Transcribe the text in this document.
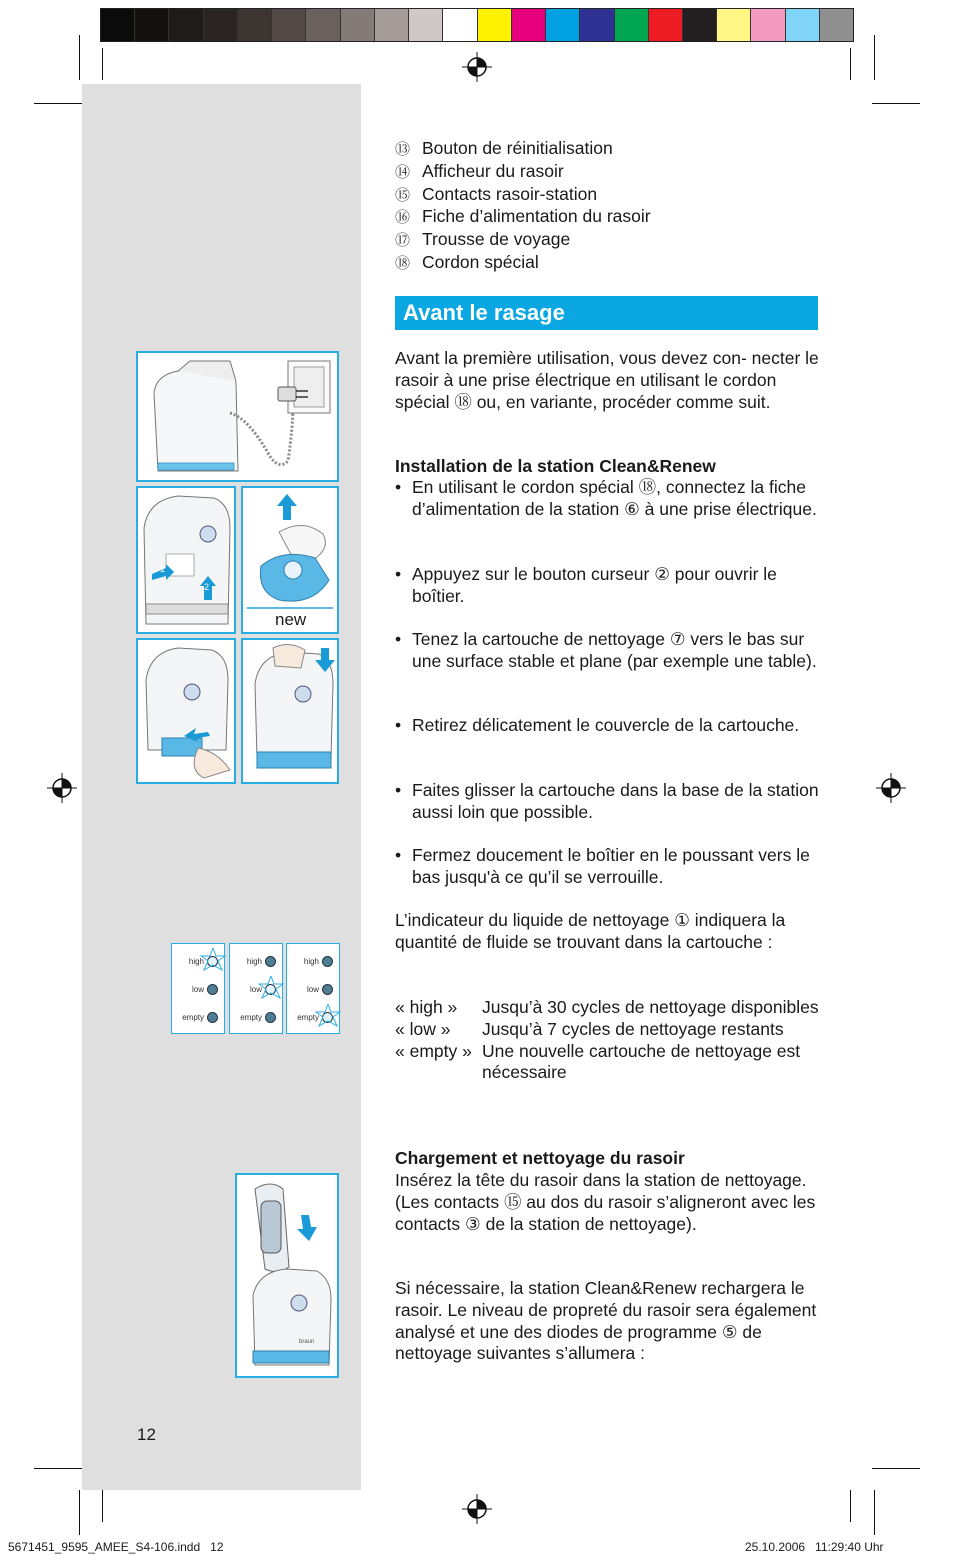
1
2
new
high
low
empty
high
low
empty
high
low
empty
braun
⑬ Bouton de réinitialisation
⑭ Afficheur du rasoir
⑮ Contacts rasoir-station
⑯ Fiche d’alimentation du rasoir
⑰ Trousse de voyage
⑱ Cordon spécial
Avant le rasage

Avant la première utilisation, vous devez con- necter le rasoir à une prise électrique en utilisant le cordon spécial ⑱ ou, en variante, procéder comme suit.

Installation de la station Clean&Renew

• En utilisant le cordon spécial ⑱, connectez la fiche d’alimentation de la station ⑥ à une prise électrique.
• Appuyez sur le bouton curseur ② pour ouvrir le boîtier.
• Tenez la cartouche de nettoyage ⑦ vers le bas sur une surface stable et plane (par exemple une table).
• Retirez délicatement le couvercle de la cartouche.
• Faites glisser la cartouche dans la base de la station aussi loin que possible.
• Fermez doucement le boîtier en le poussant vers le bas jusqu'à ce qu’il se verrouille.

L’indicateur du liquide de nettoyage ① indiquera la quantité de fluide se trouvant dans la cartouche :

« high »	Jusqu’à 30 cycles de nettoyage disponibles
« low »	Jusqu’à 7 cycles de nettoyage restants
« empty » Une nouvelle cartouche de nettoyage est nécessaire

Chargement et nettoyage du rasoir

Insérez la tête du rasoir dans la station de nettoyage. (Les contacts ⑮ au dos du rasoir s’aligneront avec les contacts ③ de la station de nettoyage).

Si nécessaire, la station Clean&Renew rechargera le rasoir. Le niveau de propreté du rasoir sera également analysé et une des diodes de programme ⑤ de nettoyage suivantes s’allumera :

12
5671451_9595_AMEE_S4-106.indd   12	25.10.2006   11:29:40 Uhr
